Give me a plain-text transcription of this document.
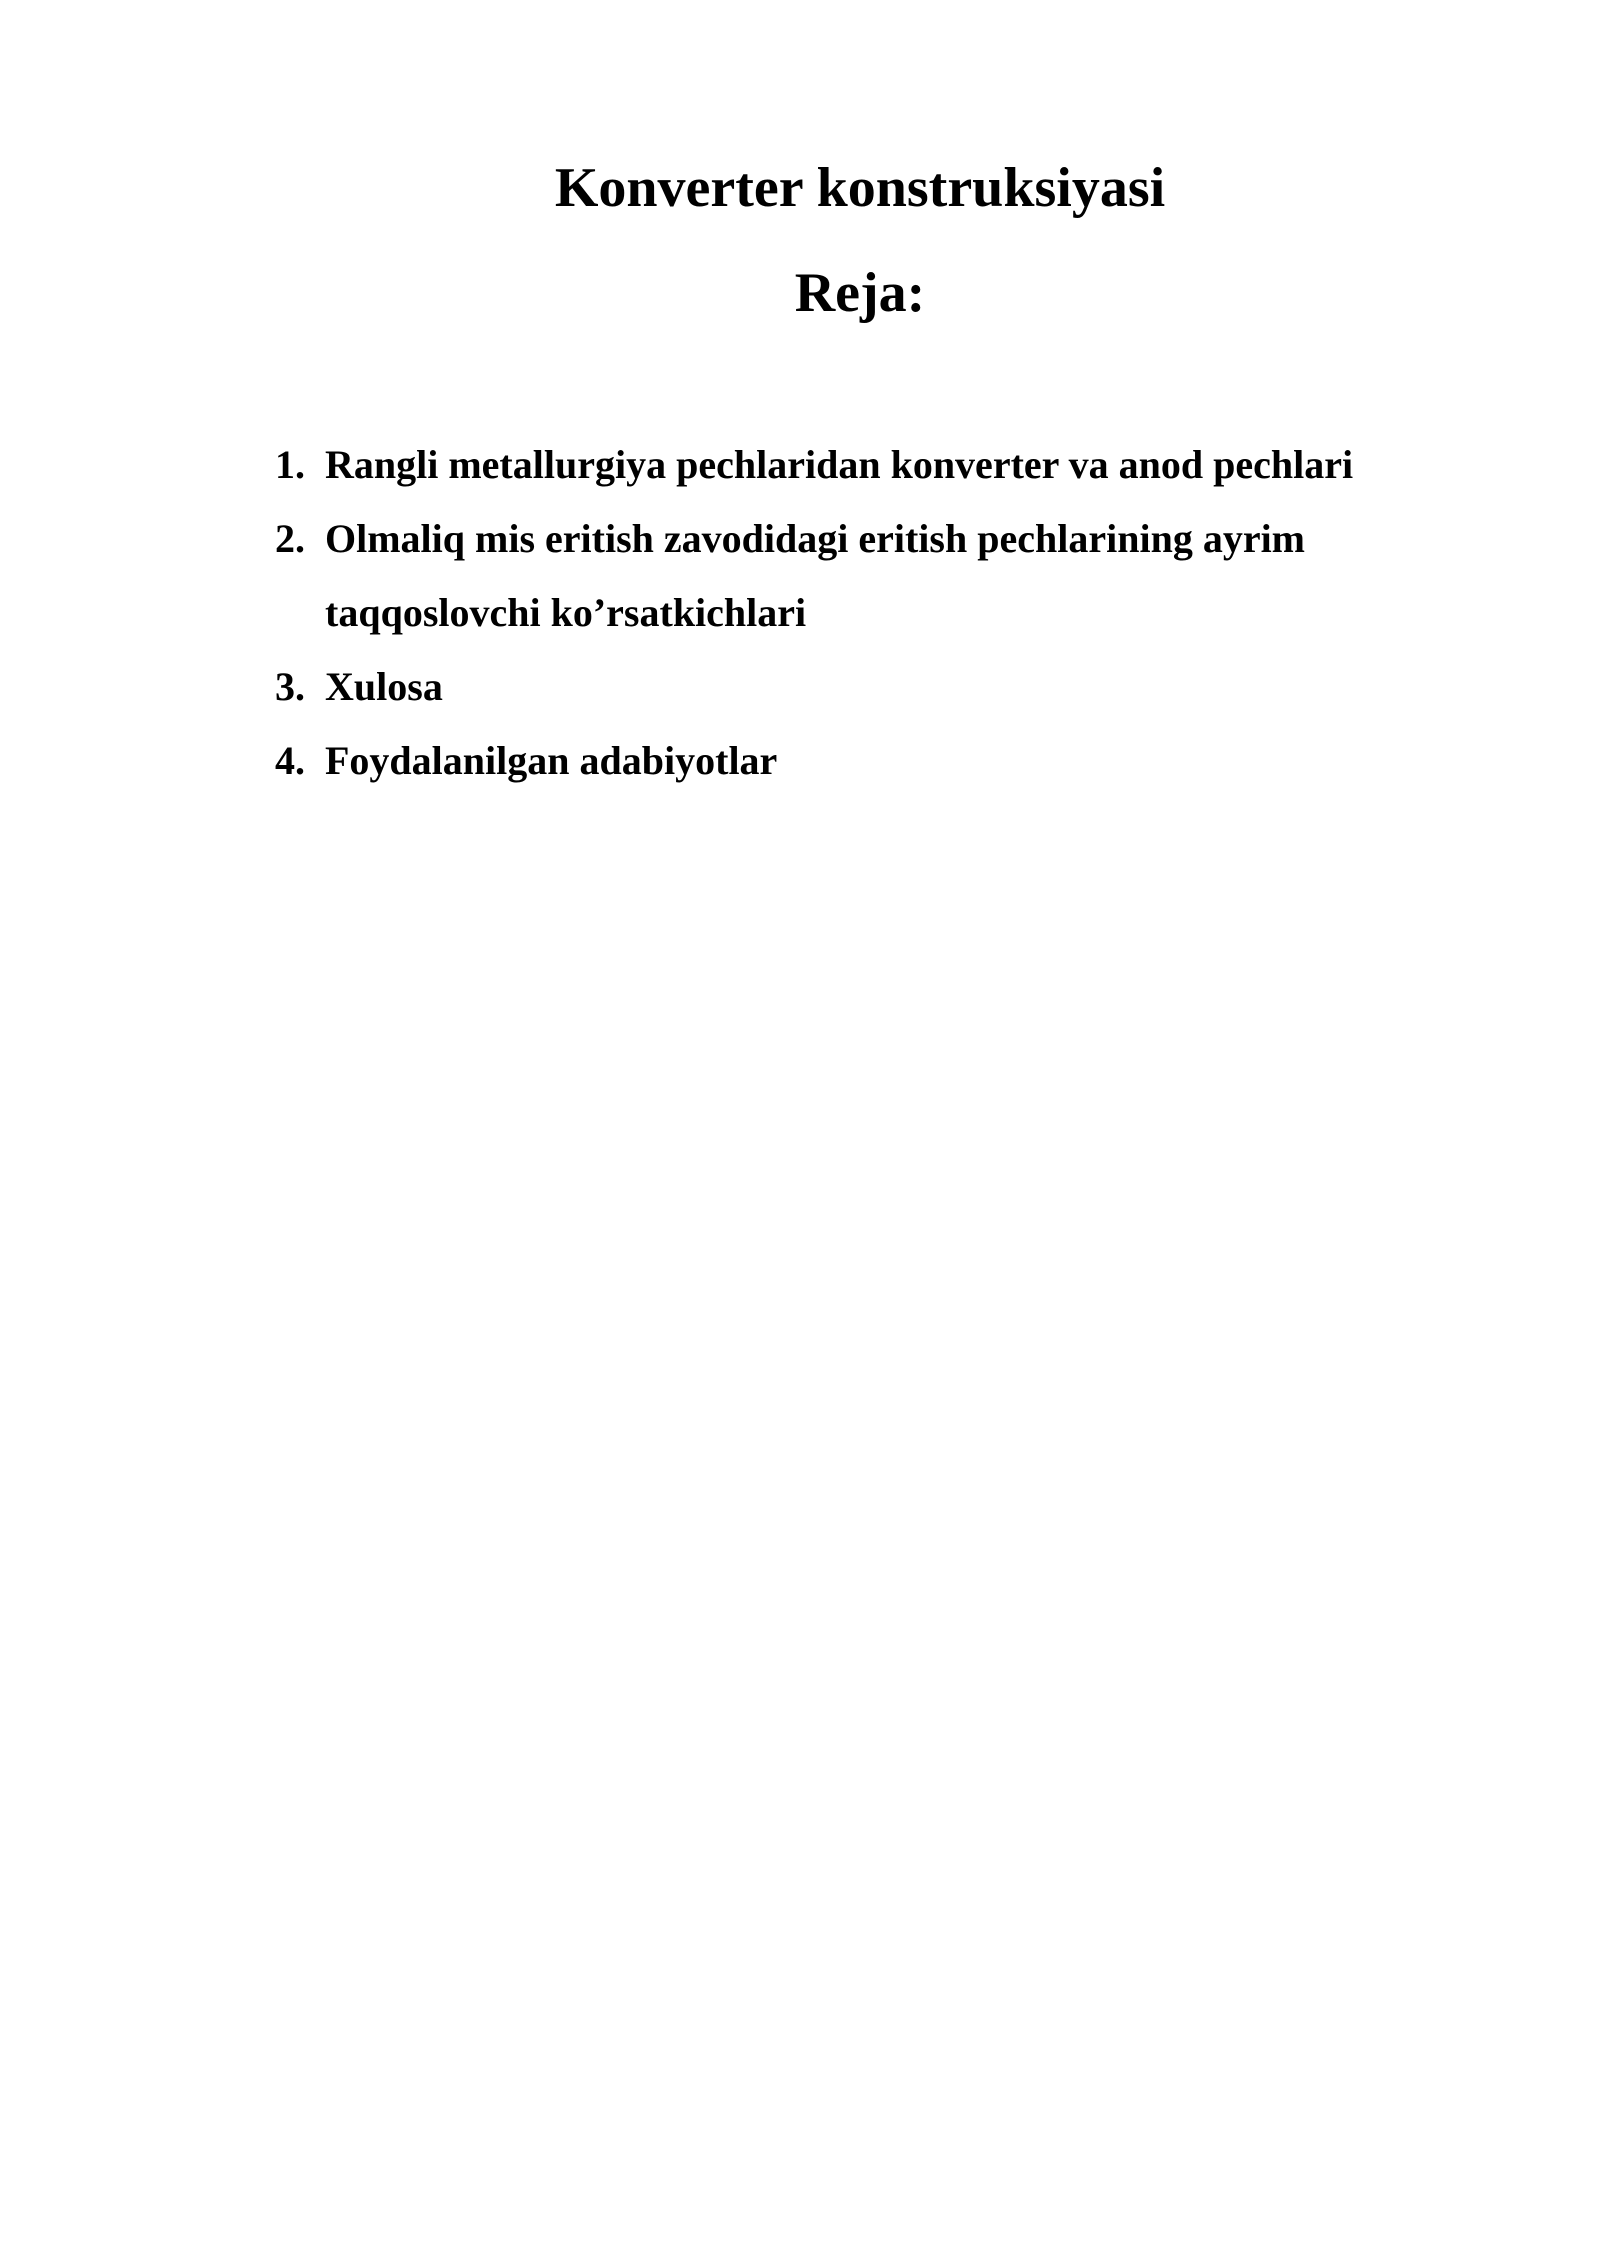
Konverter konstruksiyasi
Reja:
1. Rangli metallurgiya pechlaridan konverter va anod pechlari
2. Olmaliq mis eritish zavodidagi eritish pechlarining ayrim taqqoslovchi ko’rsatkichlari
3. Xulosa
4. Foydalanilgan adabiyotlar
